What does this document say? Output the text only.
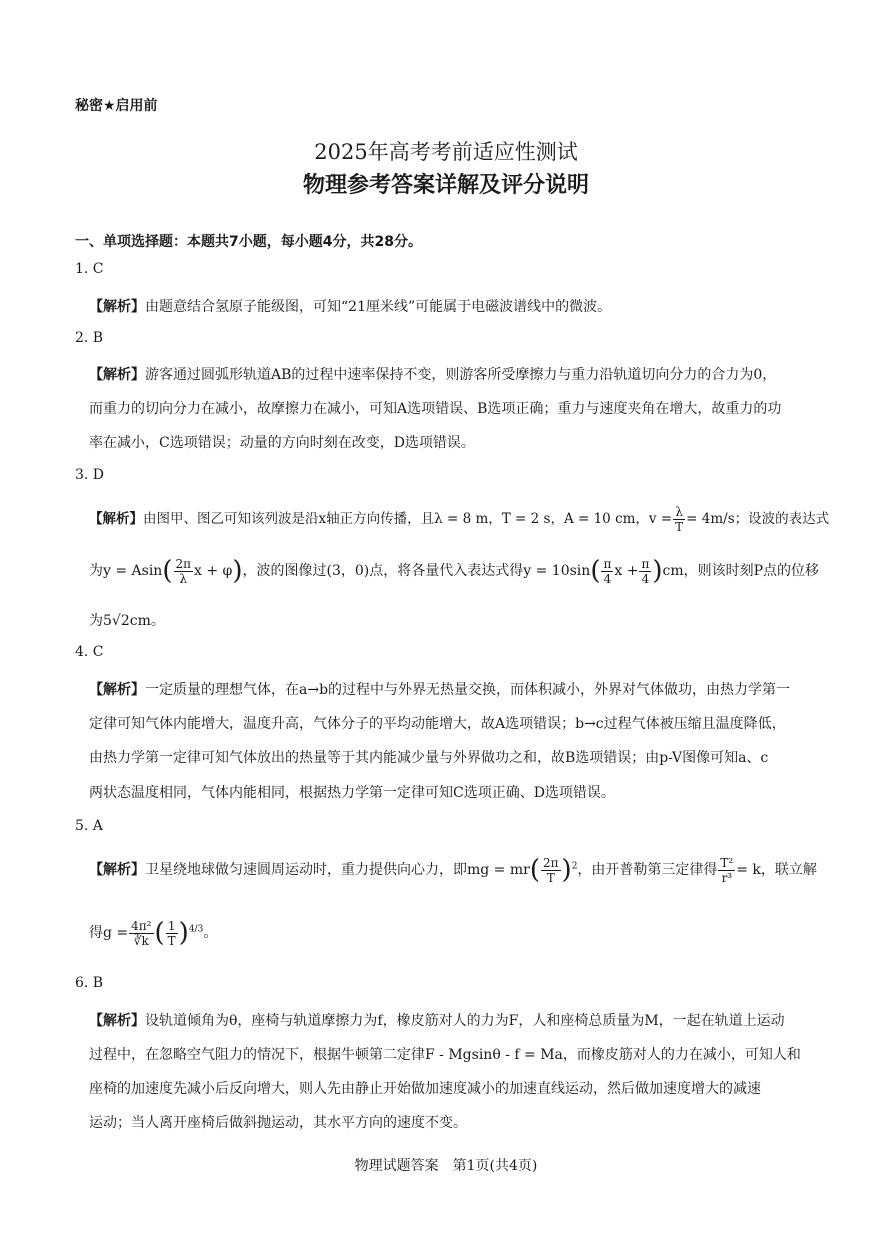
秘密★启用前
2025年高考考前适应性测试
物理参考答案详解及评分说明
一、单项选择题：本题共7小题，每小题4分，共28分。
1. C
【解析】由题意结合氢原子能级图，可知“21厘米线”可能属于电磁波谱线中的微波。
2. B
【解析】游客通过圆弧形轨道AB的过程中速率保持不变，则游客所受摩擦力与重力沿轨道切向分力的合力为0，
而重力的切向分力在减小，故摩擦力在减小，可知A选项错误、B选项正确；重力与速度夹角在增大，故重力的功
率在减小，C选项错误；动量的方向时刻在改变，D选项错误。
3. D
【解析】由图甲、图乙可知该列波是沿x轴正方向传播，且λ = 8 m，T = 2 s，A = 10 cm，$v = \frac{\lambda}{T} = 4m/s$；设波的表达式
为$y = Asin( \frac{2\pi}{\lambda}$ x + φ)，波的图像过(3，0)点，将各量代入表达式得$y = 10\sin( \frac{\pi}{4}$ $x + \frac{\pi}{4} )cm$，则该时刻P点的位移
为5√2cm。
4. C
【解析】一定质量的理想气体，在a→b的过程中与外界无热量交换，而体积减小，外界对气体做功，由热力学第一
定律可知气体内能增大，温度升高，气体分子的平均动能增大，故A选项错误；b→c过程气体被压缩且温度降低，
由热力学第一定律可知气体放出的热量等于其内能减少量与外界做功之和，故B选项错误；由p-V图像可知a、c
两状态温度相同，气体内能相同，根据热力学第一定律可知C选项正确、D选项错误。
5. A
【解析】卫星绕地球做匀速圆周运动时，重力提供向心力，即mg = $mr( \frac{2\pi}{T} )^2$，由开普勒第三定律得 $\frac{\text{T²}}{\text{r³}} = k$，联立解
得$g = \frac{\text{4π²}}{∛k}$ ( $\frac{1}{T} )^{4/3}$。
6. B
【解析】设轨道倾角为θ，座椅与轨道摩擦力为f，橡皮筋对人的力为F，人和座椅总质量为M，一起在轨道上运动
过程中，在忽略空气阻力的情况下，根据牛顿第二定律F - Mgsinθ - f = Ma，而橡皮筋对人的力在减小，可知人和
座椅的加速度先减小后反向增大，则人先由静止开始做加速度减小的加速直线运动，然后做加速度增大的减速
运动；当人离开座椅后做斜抛运动，其水平方向的速度不变。
物理试题答案　第1页(共4页)
